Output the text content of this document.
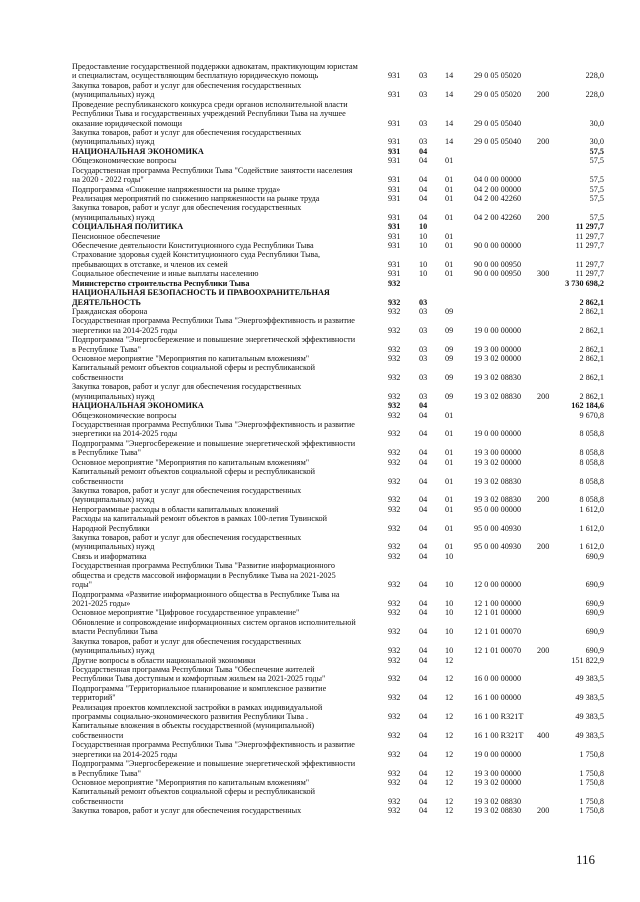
Предоставление государственной поддержки адвокатам, практикующим юристам
и специалистам, осуществляющим бесплатную юридическую помощь	931	03	14	29 0 05 05020	228,0
Закупка товаров, работ и услуг для обеспечения государственных
(муниципальных) нужд	931	03	14	29 0 05 05020	200	228,0
Проведение республиканского конкурса среди органов исполнительной власти
Республики Тыва и государственных учреждений Республики Тыва на лучшее
оказание юридической помощи	931	03	14	29 0 05 05040	30,0
Закупка товаров, работ и услуг для обеспечения государственных
(муниципальных) нужд	931	03	14	29 0 05 05040	200	30,0
НАЦИОНАЛЬНАЯ ЭКОНОМИКА	931	04	57,5
Общеэкономические вопросы	931	04	01	57,5
Государственная программа Республики Тыва "Содействие занятости населения
на 2020 - 2022 годы"	931	04	01	04 0 00 00000	57,5
Подпрограмма «Снижение напряженности на рынке труда»	931	04	01	04 2 00 00000	57,5
Реализация мероприятий по снижению напряженности на рынке труда	931	04	01	04 2 00 42260	57,5
Закупка товаров, работ и услуг для обеспечения государственных
(муниципальных) нужд	931	04	01	04 2 00 42260	200	57,5
СОЦИАЛЬНАЯ ПОЛИТИКА	931	10	11 297,7
Пенсионное обеспечение	931	10	01	11 297,7
Обеспечение деятельности Конституционного суда Республики Тыва	931	10	01	90 0 00 00000	11 297,7
Страхование здоровья судей Конституционного суда Республики Тыва,
пребывающих в отставке, и членов их семей	931	10	01	90 0 00 00950	11 297,7
Социальное обеспечение и иные выплаты населению	931	10	01	90 0 00 00950	300	11 297,7
Министерство строительства Республики Тыва	932	3 730 698,2
НАЦИОНАЛЬНАЯ БЕЗОПАСНОСТЬ И ПРАВООХРАНИТЕЛЬНАЯ
ДЕЯТЕЛЬНОСТЬ	932	03	2 862,1
Гражданская оборона	932	03	09	2 862,1
Государственная программа Республики Тыва "Энергоэффективность и развитие
энергетики на 2014-2025 годы	932	03	09	19 0 00 00000	2 862,1
Подпрограмма "Энергосбережение и повышение энергетической эффективности
в Республике Тыва"	932	03	09	19 3 00 00000	2 862,1
Основное мероприятие "Мероприятия по капитальным вложениям"	932	03	09	19 3 02 00000	2 862,1
Капитальный ремонт объектов социальной сферы и республиканской
собственности	932	03	09	19 3 02 08830	2 862,1
Закупка товаров, работ и услуг для обеспечения государственных
(муниципальных) нужд	932	03	09	19 3 02 08830	200	2 862,1
НАЦИОНАЛЬНАЯ ЭКОНОМИКА	932	04	162 184,6
Общеэкономические вопросы	932	04	01	9 670,8
Государственная программа Республики Тыва "Энергоэффективность и развитие
энергетики на 2014-2025 годы	932	04	01	19 0 00 00000	8 058,8
Подпрограмма "Энергосбережение и повышение энергетической эффективности
в Республике Тыва"	932	04	01	19 3 00 00000	8 058,8
Основное мероприятие "Мероприятия по капитальным вложениям"	932	04	01	19 3 02 00000	8 058,8
Капитальный ремонт объектов социальной сферы и республиканской
собственности	932	04	01	19 3 02 08830	8 058,8
Закупка товаров, работ и услуг для обеспечения государственных
(муниципальных) нужд	932	04	01	19 3 02 08830	200	8 058,8
Непрограммные расходы в области капитальных вложений	932	04	01	95 0 00 00000	1 612,0
Расходы на капитальный ремонт объектов в рамках 100-летия Тувинской
Народной Республики	932	04	01	95 0 00 40930	1 612,0
Закупка товаров, работ и услуг для обеспечения государственных
(муниципальных) нужд	932	04	01	95 0 00 40930	200	1 612,0
Связь и информатика	932	04	10	690,9
Государственная программа Республики Тыва "Развитие информационного
общества и средств массовой информации в Республике Тыва на 2021-2025
годы"	932	04	10	12 0 00 00000	690,9
Подпрограмма «Развитие информационного общества в Республике Тыва на
2021-2025 годы»	932	04	10	12 1 00 00000	690,9
Основное мероприятие "Цифровое государственное управление"	932	04	10	12 1 01 00000	690,9
Обновление и сопровождение информационных систем органов исполнительной
власти Республики Тыва	932	04	10	12 1 01 00070	690,9
Закупка товаров, работ и услуг для обеспечения государственных
(муниципальных) нужд	932	04	10	12 1 01 00070	200	690,9
Другие вопросы в области национальной экономики	932	04	12	151 822,9
Государственная программа Республики Тыва "Обеспечение жителей
Республики Тыва доступным и комфортным жильем на 2021-2025 годы"	932	04	12	16 0 00 00000	49 383,5
Подпрограмма "Территориальное планирование и комплексное развитие
территорий"	932	04	12	16 1 00 00000	49 383,5
Реализация проектов комплексной застройки в рамках индивидуальной
программы социально-экономического развития Республики Тыва .	932	04	12	16 1 00 R321T	49 383,5
Капитальные вложения в объекты государственной (муниципальной)
собственности	932	04	12	16 1 00 R321T	400	49 383,5
Государственная программа Республики Тыва "Энергоэффективность и развитие
энергетики на 2014-2025 годы	932	04	12	19 0 00 00000	1 750,8
Подпрограмма "Энергосбережение и повышение энергетической эффективности
в Республике Тыва"	932	04	12	19 3 00 00000	1 750,8
Основное мероприятие "Мероприятия по капитальным вложениям"	932	04	12	19 3 02 00000	1 750,8
Капитальный ремонт объектов социальной сферы и республиканской
собственности	932	04	12	19 3 02 08830	1 750,8
Закупка товаров, работ и услуг для обеспечения государственных	932	04	12	19 3 02 08830	200	1 750,8
116
